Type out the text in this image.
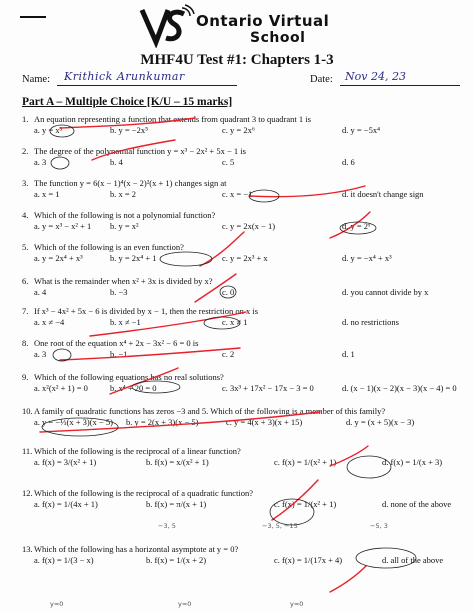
Ontario Virtual
School
MHF4U Test #1: Chapters 1-3
Name: Krithick Arunkumar	Date: Nov 24, 23
Part A – Multiple Choice [K/U – 15 marks]
1. An equation representing a function that extends from quadrant 3 to quadrant 1 is
a. y = x³	b. y = −2x⁵	c. y = 2x⁶	d. y = −5x⁴
2. The degree of the polynomial function y = x³ − 2x² + 5x − 1 is
a. 3	b. 4	c. 5	d. 6
3. The function y = 6(x − 1)⁴(x − 2)²(x + 1) changes sign at
a. x = 1	b. x = 2	c. x = −1	d. it doesn't change sign
4. Which of the following is not a polynomial function?
a. y = x³ − x² + 1 b. y = x²	c. y = 2x(x − 1)	d. y = 2ˣ
5. Which of the following is an even function?
a. y = 2x⁴ + x³	b. y = 2x⁴ + 1	c. y = 2x³ + x	d. y = −x⁴ + x³
6. What is the remainder when x² + 3x is divided by x?
a. 4	b. −3	c. 0	d. you cannot divide by x
7. If x³ − 4x² + 5x − 6 is divided by x − 1, then the restriction on x is
a. x ≠ −4	b. x ≠ −1	c. x ≠ 1	d. no restrictions
8. One root of the equation x⁴ + 2x − 3x² − 6 = 0 is
a. 3	b. −1	c. 2	d. 1
9. Which of the following equations has no real solutions?
a. x²(x² + 1) = 0	b. x⁴ + 20 = 0	c. 3x³ + 17x² − 17x − 3 = 0	d. (x − 1)(x − 2)(x − 3)(x − 4) = 0
10.A family of quadratic functions has zeros −3 and 5. Which of the following is a member of this family?
a. y = −⅓(x + 3)(x − 5) b. y = 2(x + 3)(x − 5)	c. y = 4(x + 3)(x + 15)	d. y = (x + 5)(x − 3)
11. Which of the following is the reciprocal of a linear function?
a. f(x) = 3/(x² + 1)	b. f(x) = x/(x² + 1)	c. f(x) = 1/(x² + 1)	d. f(x) = 1/(x + 3)
12.Which of the following is the reciprocal of a quadratic function?
a. f(x) = 1/(4x + 1)	b. f(x) = π/(x + 1)	c. f(x) = 1/(x² + 1)	d. none of the above
13.Which of the following has a horizontal asymptote at y = 0?
a. f(x) = 1/(3 − x)	b. f(x) = 1/(x + 2)	c. f(x) = 1/(17x + 4)	d. all of the above
−3, 5	−3, 5, −15	−5, 3
y=0	y=0	y=0
